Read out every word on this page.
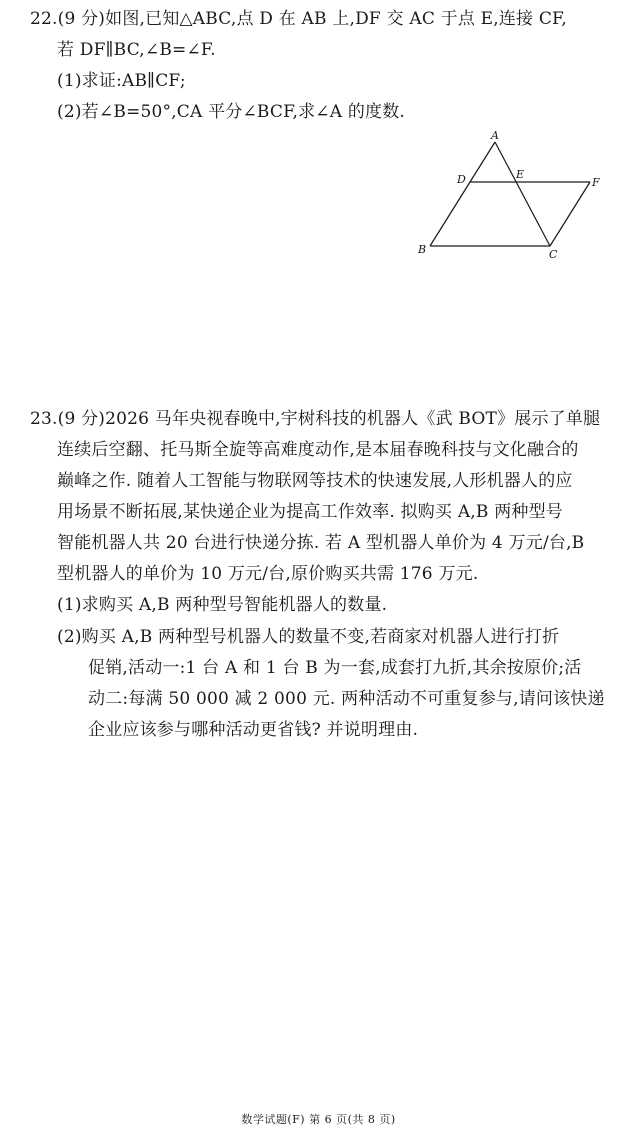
22.(9 分)如图,已知△ABC,点 D 在 AB 上,DF 交 AC 于点 E,连接 CF,
若 DF∥BC,∠B=∠F.
(1)求证:AB∥CF;
(2)若∠B=50°,CA 平分∠BCF,求∠A 的度数.
A
B	C
D	E
F
23.(9 分)2026 马年央视春晚中,宇树科技的机器人《武 BOT》展示了单腿
连续后空翻、托马斯全旋等高难度动作,是本届春晚科技与文化融合的
巅峰之作. 随着人工智能与物联网等技术的快速发展,人形机器人的应
用场景不断拓展,某快递企业为提高工作效率. 拟购买 A,B 两种型号
智能机器人共 20 台进行快递分拣. 若 A 型机器人单价为 4 万元/台,B
型机器人的单价为 10 万元/台,原价购买共需 176 万元.
(1)求购买 A,B 两种型号智能机器人的数量.
(2)购买 A,B 两种型号机器人的数量不变,若商家对机器人进行打折
促销,活动一:1 台 A 和 1 台 B 为一套,成套打九折,其余按原价;活
动二:每满 50 000 减 2 000 元. 两种活动不可重复参与,请问该快递
企业应该参与哪种活动更省钱? 并说明理由.
数学试题(F) 第 6 页(共 8 页)
